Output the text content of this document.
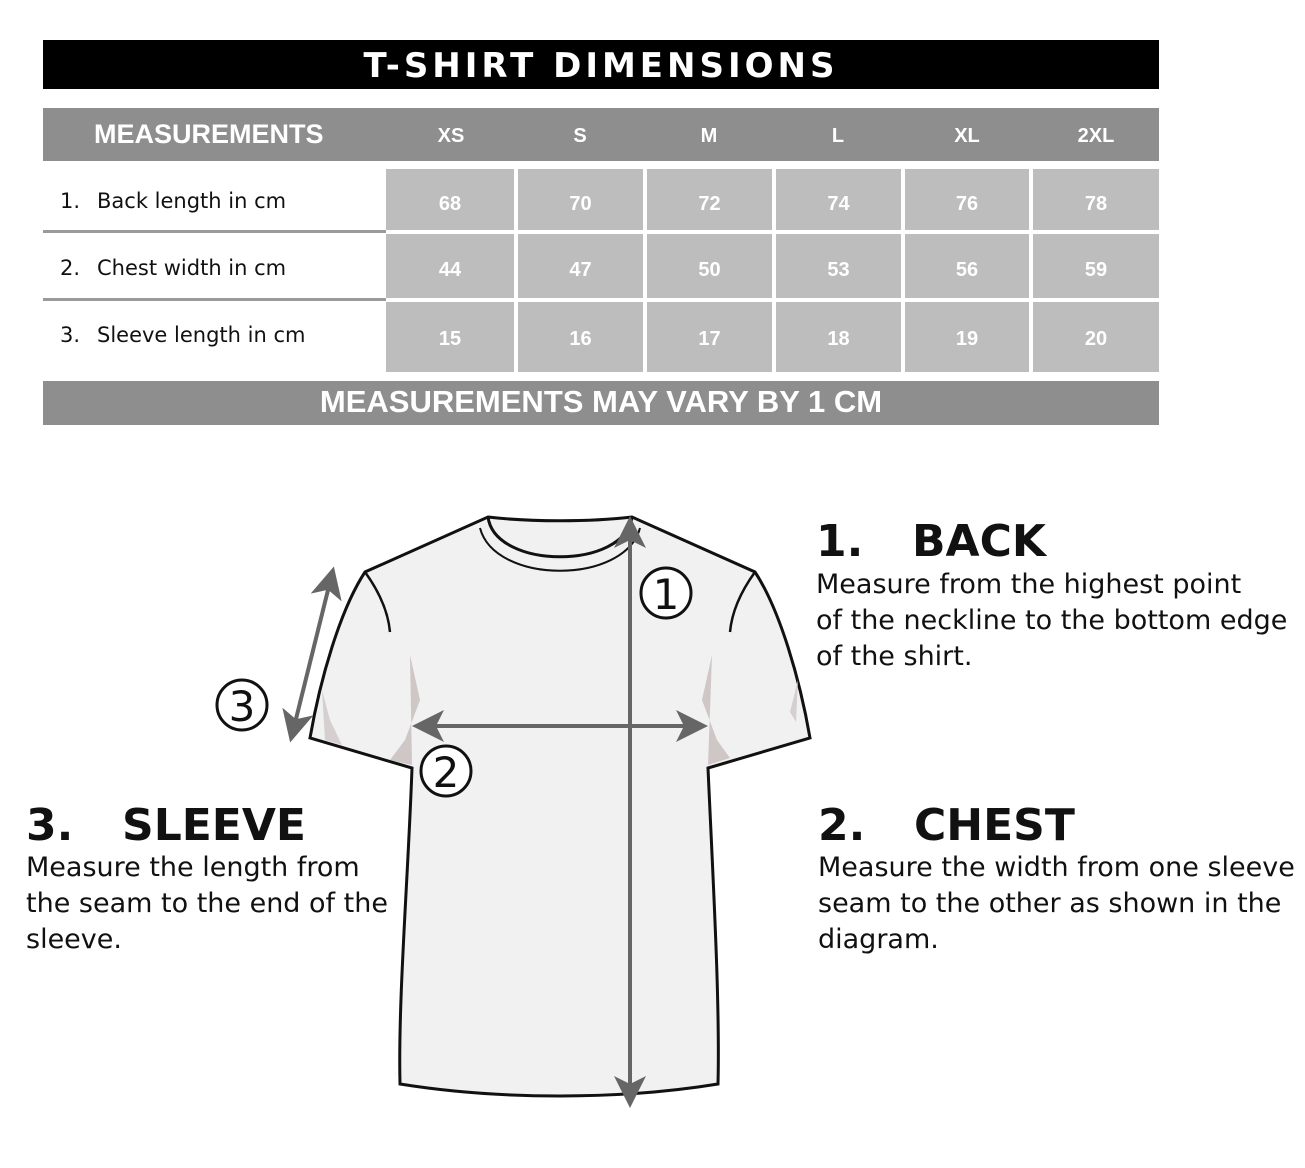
T-SHIRT DIMENSIONS
MEASUREMENTS	XS	S	M	L	XL	2XL
1. Back length in cm	68	70	72	74	76	78
2. Chest width in cm	44	47	50	53	56	59
3. Sleeve length in cm	15	16	17	18	19	20
MEASUREMENTS MAY VARY BY 1 CM
1
2
3
1. BACK
Measure from the highest point
of the neckline to the bottom edge
of the shirt.
2. CHEST
Measure the width from one sleeve
seam to the other as shown in the
diagram.
3. SLEEVE
Measure the length from
the seam to the end of the
sleeve.
